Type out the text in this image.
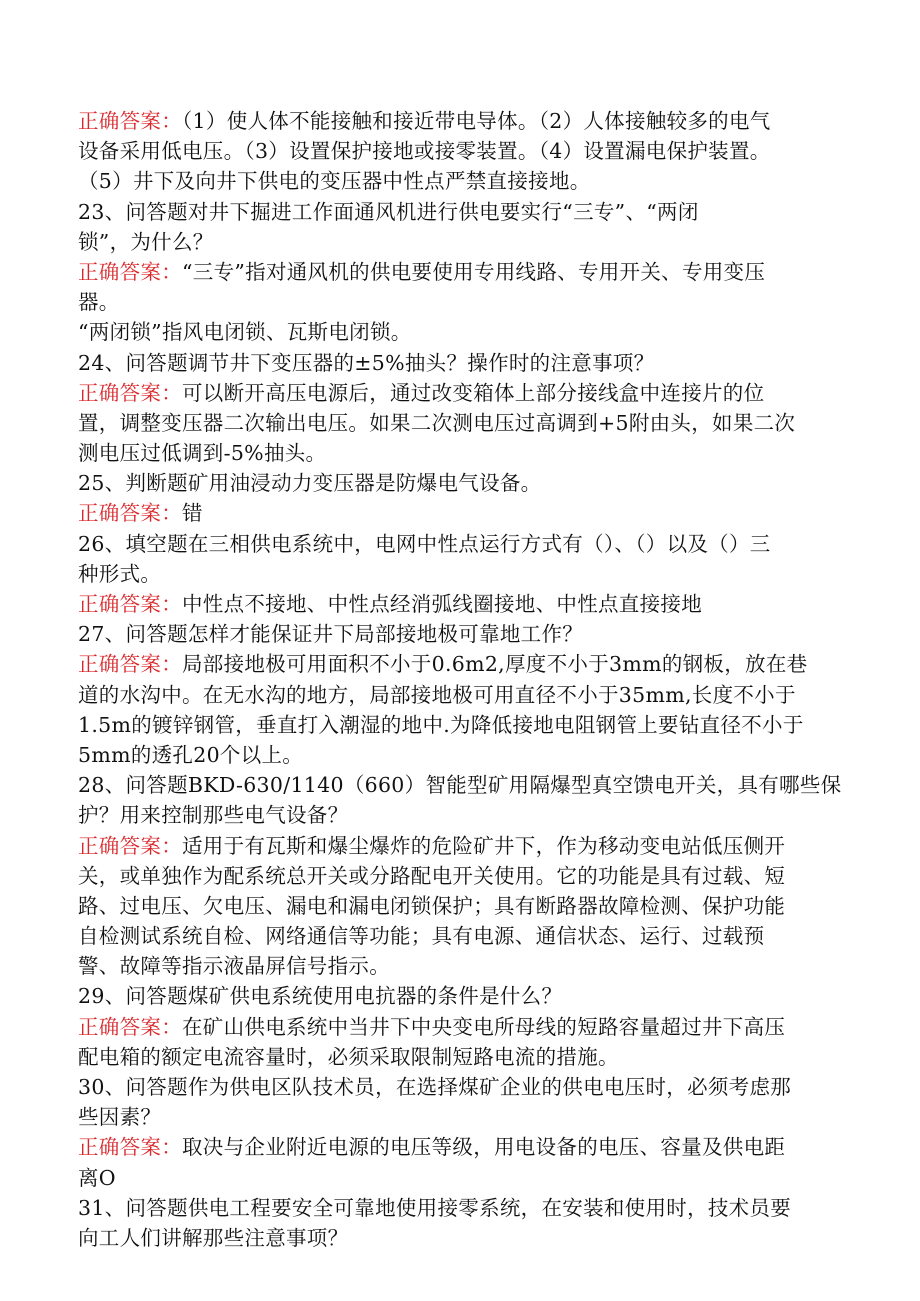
正确答案：（1）使人体不能接触和接近带电导体。（2）人体接触较多的电气
设备采用低电压。（3）设置保护接地或接零装置。（4）设置漏电保护装置。
（5）井下及向井下供电的变压器中性点严禁直接接地。
23、问答题对井下掘进工作面通风机进行供电要实行“三专”、“两闭
锁”，为什么？
正确答案：“三专”指对通风机的供电要使用专用线路、专用开关、专用变压
器。
“两闭锁”指风电闭锁、瓦斯电闭锁。
24、问答题调节井下变压器的±5%抽头？操作时的注意事项？
正确答案：可以断开高压电源后，通过改变箱体上部分接线盒中连接片的位
置，调整变压器二次输出电压。如果二次测电压过高调到+5附由头，如果二次
测电压过低调到-5%抽头。
25、判断题矿用油浸动力变压器是防爆电气设备。
正确答案：错
26、填空题在三相供电系统中，电网中性点运行方式有（）、（）以及（）三
种形式。
正确答案：中性点不接地、中性点经消弧线圈接地、中性点直接接地
27、问答题怎样才能保证井下局部接地极可靠地工作？
正确答案：局部接地极可用面积不小于0.6m2,厚度不小于3mm的钢板，放在巷
道的水沟中。在无水沟的地方，局部接地极可用直径不小于35mm,长度不小于
1.5m的镀锌钢管，垂直打入潮湿的地中.为降低接地电阻钢管上要钻直径不小于
5mm的透孔20个以上。
28、问答题BKD-630/1140（660）智能型矿用隔爆型真空馈电开关，具有哪些保
护？用来控制那些电气设备？
正确答案：适用于有瓦斯和爆尘爆炸的危险矿井下，作为移动变电站低压侧开
关，或单独作为配系统总开关或分路配电开关使用。它的功能是具有过载、短
路、过电压、欠电压、漏电和漏电闭锁保护；具有断路器故障检测、保护功能
自检测试系统自检、网络通信等功能；具有电源、通信状态、运行、过载预
警、故障等指示液晶屏信号指示。
29、问答题煤矿供电系统使用电抗器的条件是什么？
正确答案：在矿山供电系统中当井下中央变电所母线的短路容量超过井下高压
配电箱的额定电流容量时，必须采取限制短路电流的措施。
30、问答题作为供电区队技术员，在选择煤矿企业的供电电压时，必须考虑那
些因素？
正确答案：取决与企业附近电源的电压等级，用电设备的电压、容量及供电距
离O
31、问答题供电工程要安全可靠地使用接零系统，在安装和使用时，技术员要
向工人们讲解那些注意事项？
